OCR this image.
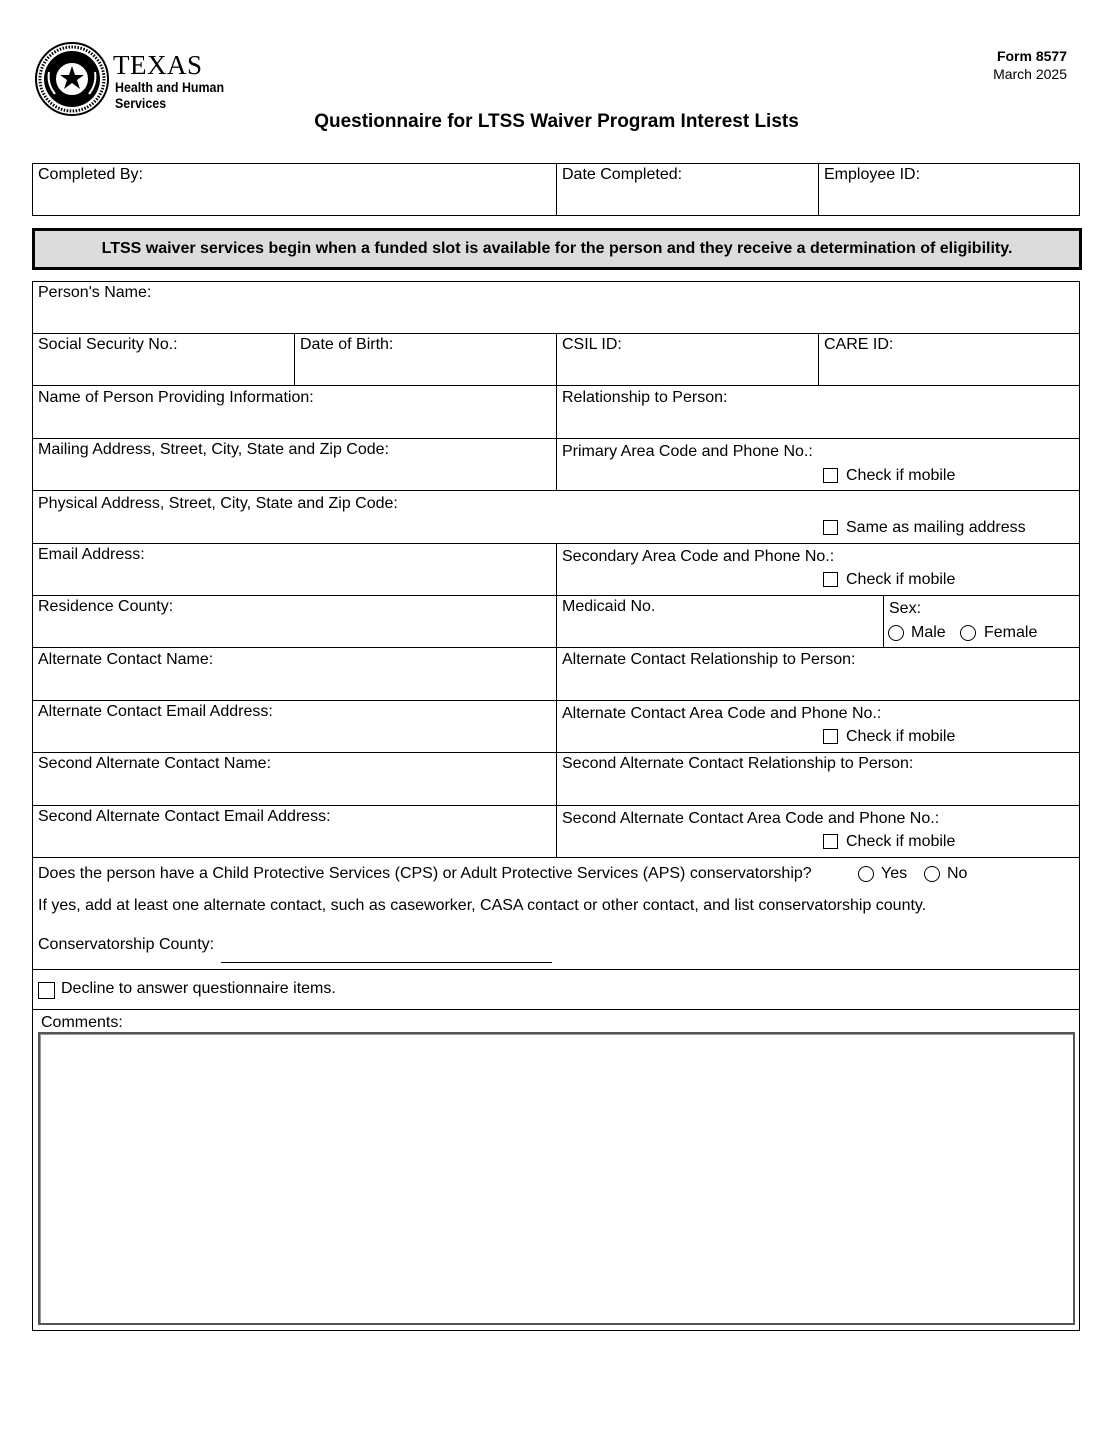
TEXAS
Health and Human
Services
Form 8577
March 2025
Questionnaire for LTSS Waiver Program Interest Lists
Completed By:	Date Completed:	Employee ID:
LTSS waiver services begin when a funded slot is available for the person and they receive a determination of eligibility.
Person's Name:
Social Security No.:	Date of Birth:	CSIL ID:	CARE ID:
Name of Person Providing Information:	Relationship to Person:
Mailing Address, Street, City, State and Zip Code:	Primary Area Code and Phone No.:
Check if mobile
Physical Address, Street, City, State and Zip Code:
Same as mailing address
Email Address:	Secondary Area Code and Phone No.:
Check if mobile
Residence County:	Medicaid No.	Sex:
Male Female
Alternate Contact Name:	Alternate Contact Relationship to Person:
Alternate Contact Email Address:	Alternate Contact Area Code and Phone No.:
Check if mobile
Second Alternate Contact Name:	Second Alternate Contact Relationship to Person:
Second Alternate Contact Email Address:	Second Alternate Contact Area Code and Phone No.:
Check if mobile
Does the person have a Child Protective Services (CPS) or Adult Protective Services (APS) conservatorship?	Yes No
If yes, add at least one alternate contact, such as caseworker, CASA contact or other contact, and list conservatorship county.
Conservatorship County:
Decline to answer questionnaire items.
Comments:
